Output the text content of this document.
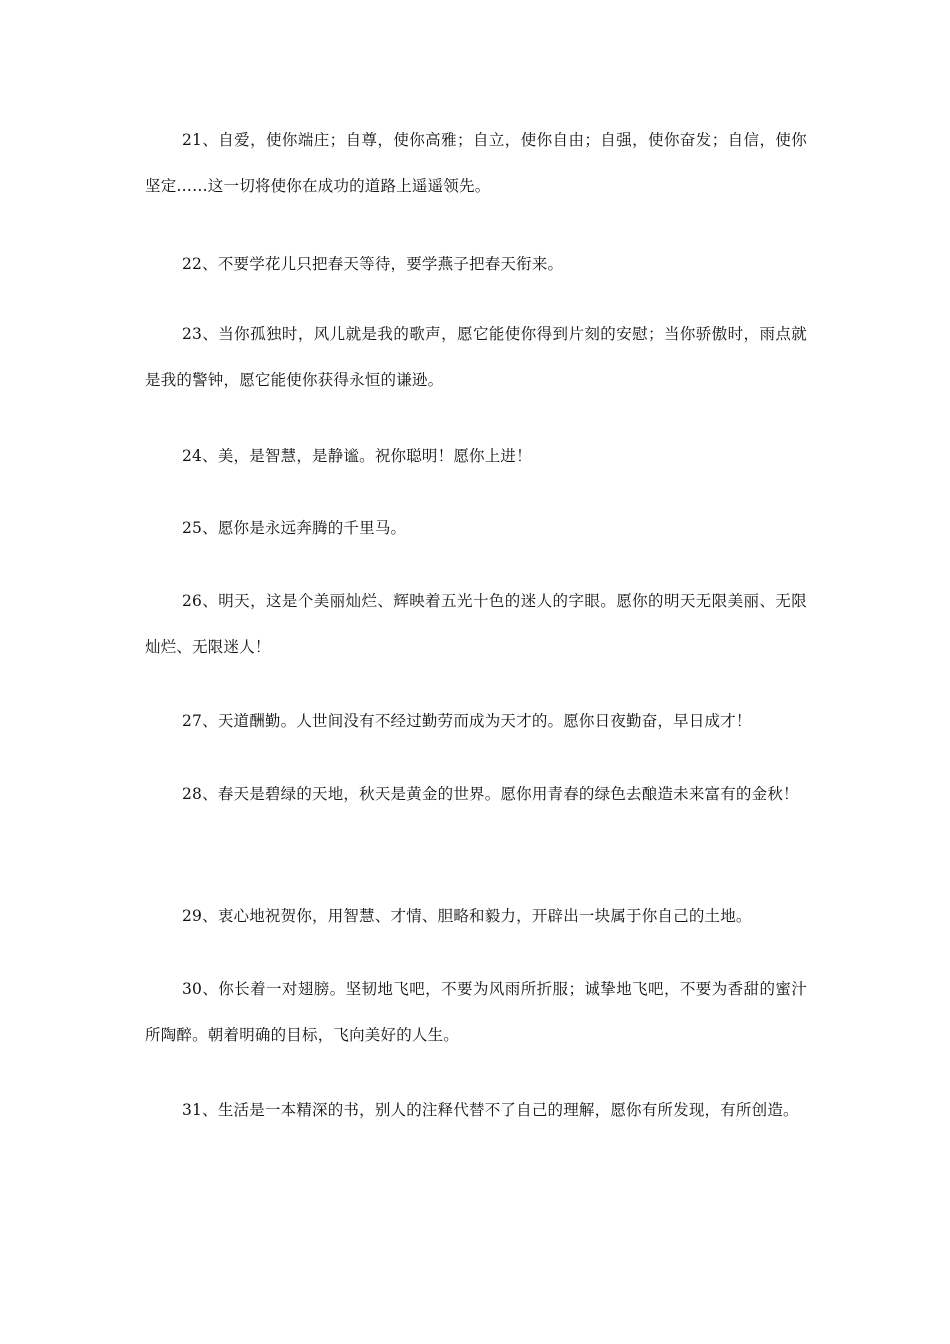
21、自爱，使你端庄；自尊，使你高雅；自立，使你自由；自强，使你奋发；自信，使你坚定……这一切将使你在成功的道路上遥遥领先。

22、不要学花儿只把春天等待，要学燕子把春天衔来。

23、当你孤独时，风儿就是我的歌声，愿它能使你得到片刻的安慰；当你骄傲时，雨点就是我的警钟，愿它能使你获得永恒的谦逊。

24、美，是智慧，是静谧。祝你聪明！愿你上进！

25、愿你是永远奔腾的千里马。

26、明天，这是个美丽灿烂、辉映着五光十色的迷人的字眼。愿你的明天无限美丽、无限灿烂、无限迷人！

27、天道酬勤。人世间没有不经过勤劳而成为天才的。愿你日夜勤奋，早日成才！

28、春天是碧绿的天地，秋天是黄金的世界。愿你用青春的绿色去酿造未来富有的金秋！

29、衷心地祝贺你，用智慧、才情、胆略和毅力，开辟出一块属于你自己的土地。

30、你长着一对翅膀。坚韧地飞吧，不要为风雨所折服；诚挚地飞吧，不要为香甜的蜜汁所陶醉。朝着明确的目标，飞向美好的人生。

31、生活是一本精深的书，别人的注释代替不了自己的理解，愿你有所发现，有所创造。
